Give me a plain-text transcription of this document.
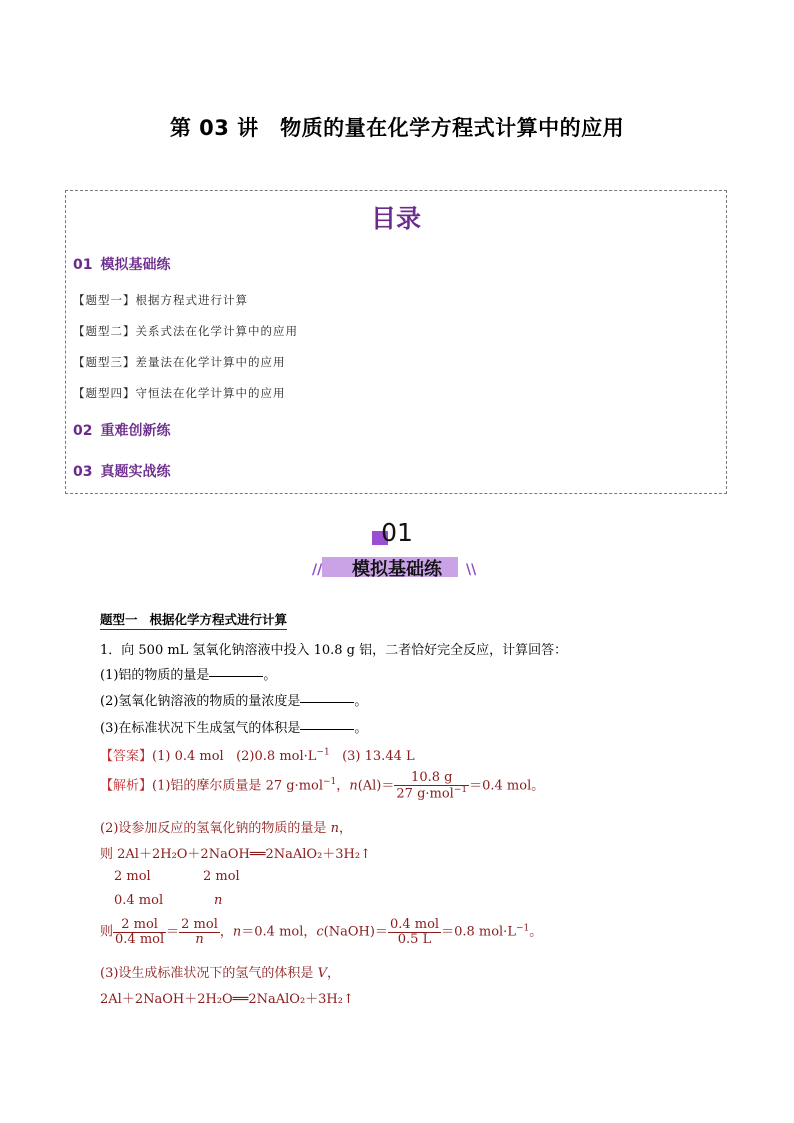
第 03 讲　物质的量在化学方程式计算中的应用
目录
01 模拟基础练
【题型一】根据方程式进行计算
【题型二】关系式法在化学计算中的应用
【题型三】差量法在化学计算中的应用
【题型四】守恒法在化学计算中的应用
02 重难创新练
03 真题实战练
01
//	模拟基础练	\\
题型一 根据化学方程式进行计算
1．向 500 mL 氢氧化钠溶液中投入 10.8 g 铝，二者恰好完全反应，计算回答：
(1)铝的物质的量是	。
(2)氢氧化钠溶液的物质的量浓度是	。
(3)在标准状况下生成氢气的体积是	。
【答案】(1) 0.4 mol (2)0.8 $mol\cdot L^{-1}$ (3) 13.44 L
【解析】(1)铝的摩尔质量是 27 g·mol$^{-1}$，$n(Al)= \frac{10.8 g}{27 g\cdot mol^{-1}} =0.4$ mol。
(2)设参加反应的氢氧化钠的物质的量是 n，
则 2Al＋2H₂O＋2NaOH══2NaAlO₂＋3H₂↑
2 mol	2 mol
0.4 mol	n
则 $\frac{\text{2 mol}}{\text{0.4 mol}} = \frac{\text{2 mol}}{n}$ ，n＝0.4 mol，c(NaOH)＝ $\frac{\text{0.4 mol}}{0.5 L} =0.8$ $mol\cdot L^{-1}$。
(3)设生成标准状况下的氢气的体积是 V，
2Al＋2NaOH＋2H₂O══2NaAlO₂＋3H₂↑
